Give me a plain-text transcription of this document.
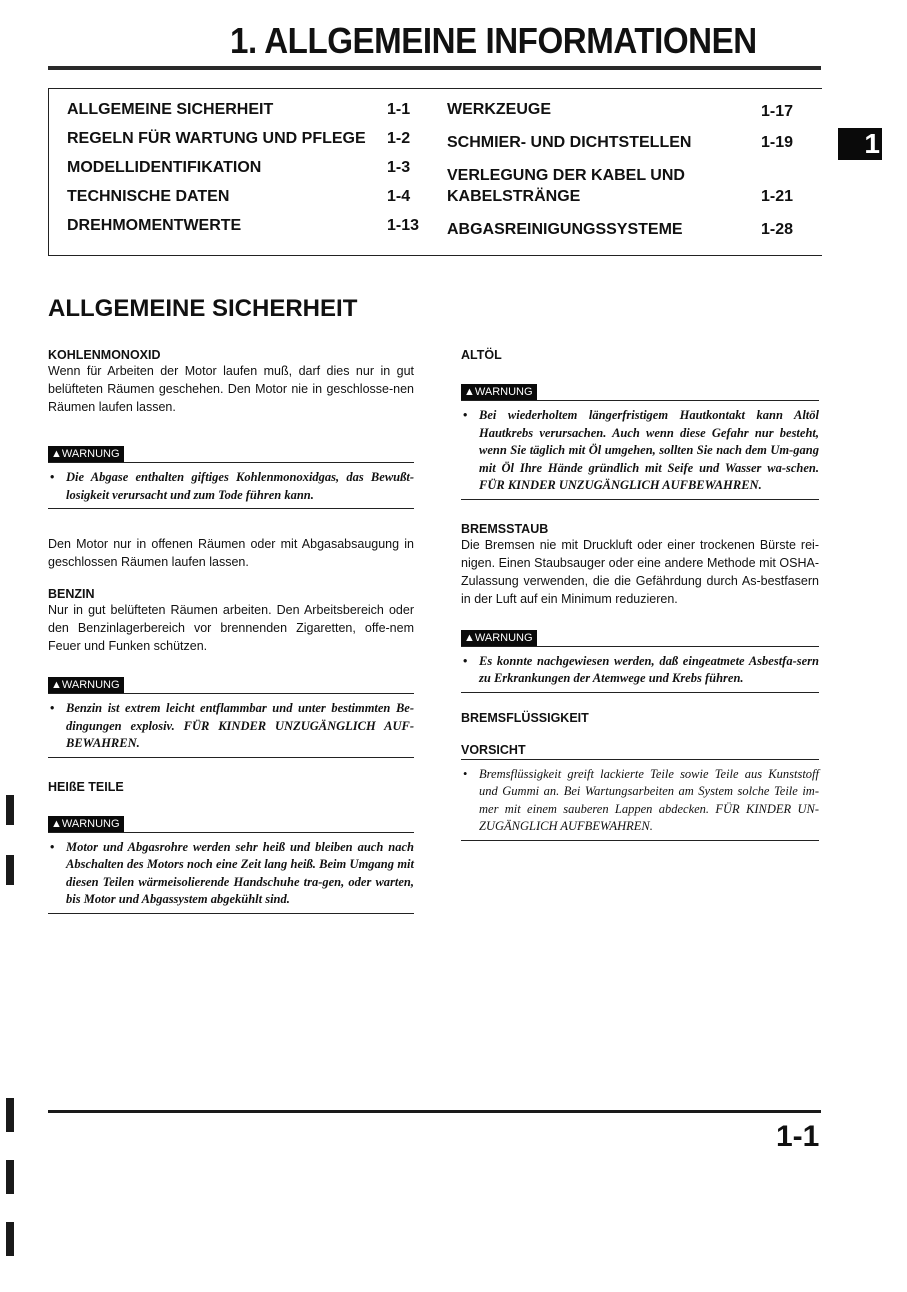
1. ALLGEMEINE INFORMATIONEN
ALLGEMEINE SICHERHEIT	1-1
REGELN FÜR WARTUNG UND PFLEGE 1-2
MODELLIDENTIFIKATION	1-3
TECHNISCHE DATEN	1-4
DREHMOMENTWERTE	1-13
WERKZEUGE	1-17
SCHMIER- UND DICHTSTELLEN	1-19
VERLEGUNG DER KABEL UND
KABELSTRÄNGE	1-21
ABGASREINIGUNGSSYSTEME	1-28
1
ALLGEMEINE SICHERHEIT

KOHLENMONOXID

Wenn für Arbeiten der Motor laufen muß, darf dies nur in gut belüfteten Räumen geschehen. Den Motor nie in geschlosse-nen Räumen laufen lassen.

▲WARNUNG
• Die Abgase enthalten giftiges Kohlenmonoxidgas, das Bewußt-losigkeit verursacht und zum Tode führen kann.

Den Motor nur in offenen Räumen oder mit Abgasabsaugung in geschlossen Räumen laufen lassen.

BENZIN

Nur in gut belüfteten Räumen arbeiten. Den Arbeitsbereich oder den Benzinlagerbereich vor brennenden Zigaretten, offe-nem Feuer und Funken schützen.

▲WARNUNG
• Benzin ist extrem leicht entflammbar und unter bestimmten Be-dingungen explosiv. FÜR KINDER UNZUGÄNGLICH AUF-BEWAHREN.

HEIßE TEILE

▲WARNUNG
• Motor und Abgasrohre werden sehr heiß und bleiben auch nach Abschalten des Motors noch eine Zeit lang heiß. Beim Umgang mit diesen Teilen wärmeisolierende Handschuhe tra-gen, oder warten, bis Motor und Abgassystem abgekühlt sind.

ALTÖL

▲WARNUNG
• Bei wiederholtem längerfristigem Hautkontakt kann Altöl Hautkrebs verursachen. Auch wenn diese Gefahr nur besteht, wenn Sie täglich mit Öl umgehen, sollten Sie nach dem Um-gang mit Öl Ihre Hände gründlich mit Seife und Wasser wa-schen. FÜR KINDER UNZUGÄNGLICH AUFBEWAHREN.

BREMSSTAUB

Die Bremsen nie mit Druckluft oder einer trockenen Bürste rei-nigen. Einen Staubsauger oder eine andere Methode mit OSHA-Zulassung verwenden, die die Gefährdung durch As-bestfasern in der Luft auf ein Minimum reduzieren.

▲WARNUNG
• Es konnte nachgewiesen werden, daß eingeatmete Asbestfa-sern zu Erkrankungen der Atemwege und Krebs führen.

BREMSFLÜSSIGKEIT

VORSICHT
• Bremsflüssigkeit greift lackierte Teile sowie Teile aus Kunststoff und Gummi an. Bei Wartungsarbeiten am System solche Teile im-mer mit einem sauberen Lappen abdecken. FÜR KINDER UN-ZUGÄNGLICH AUFBEWAHREN.
1-1
